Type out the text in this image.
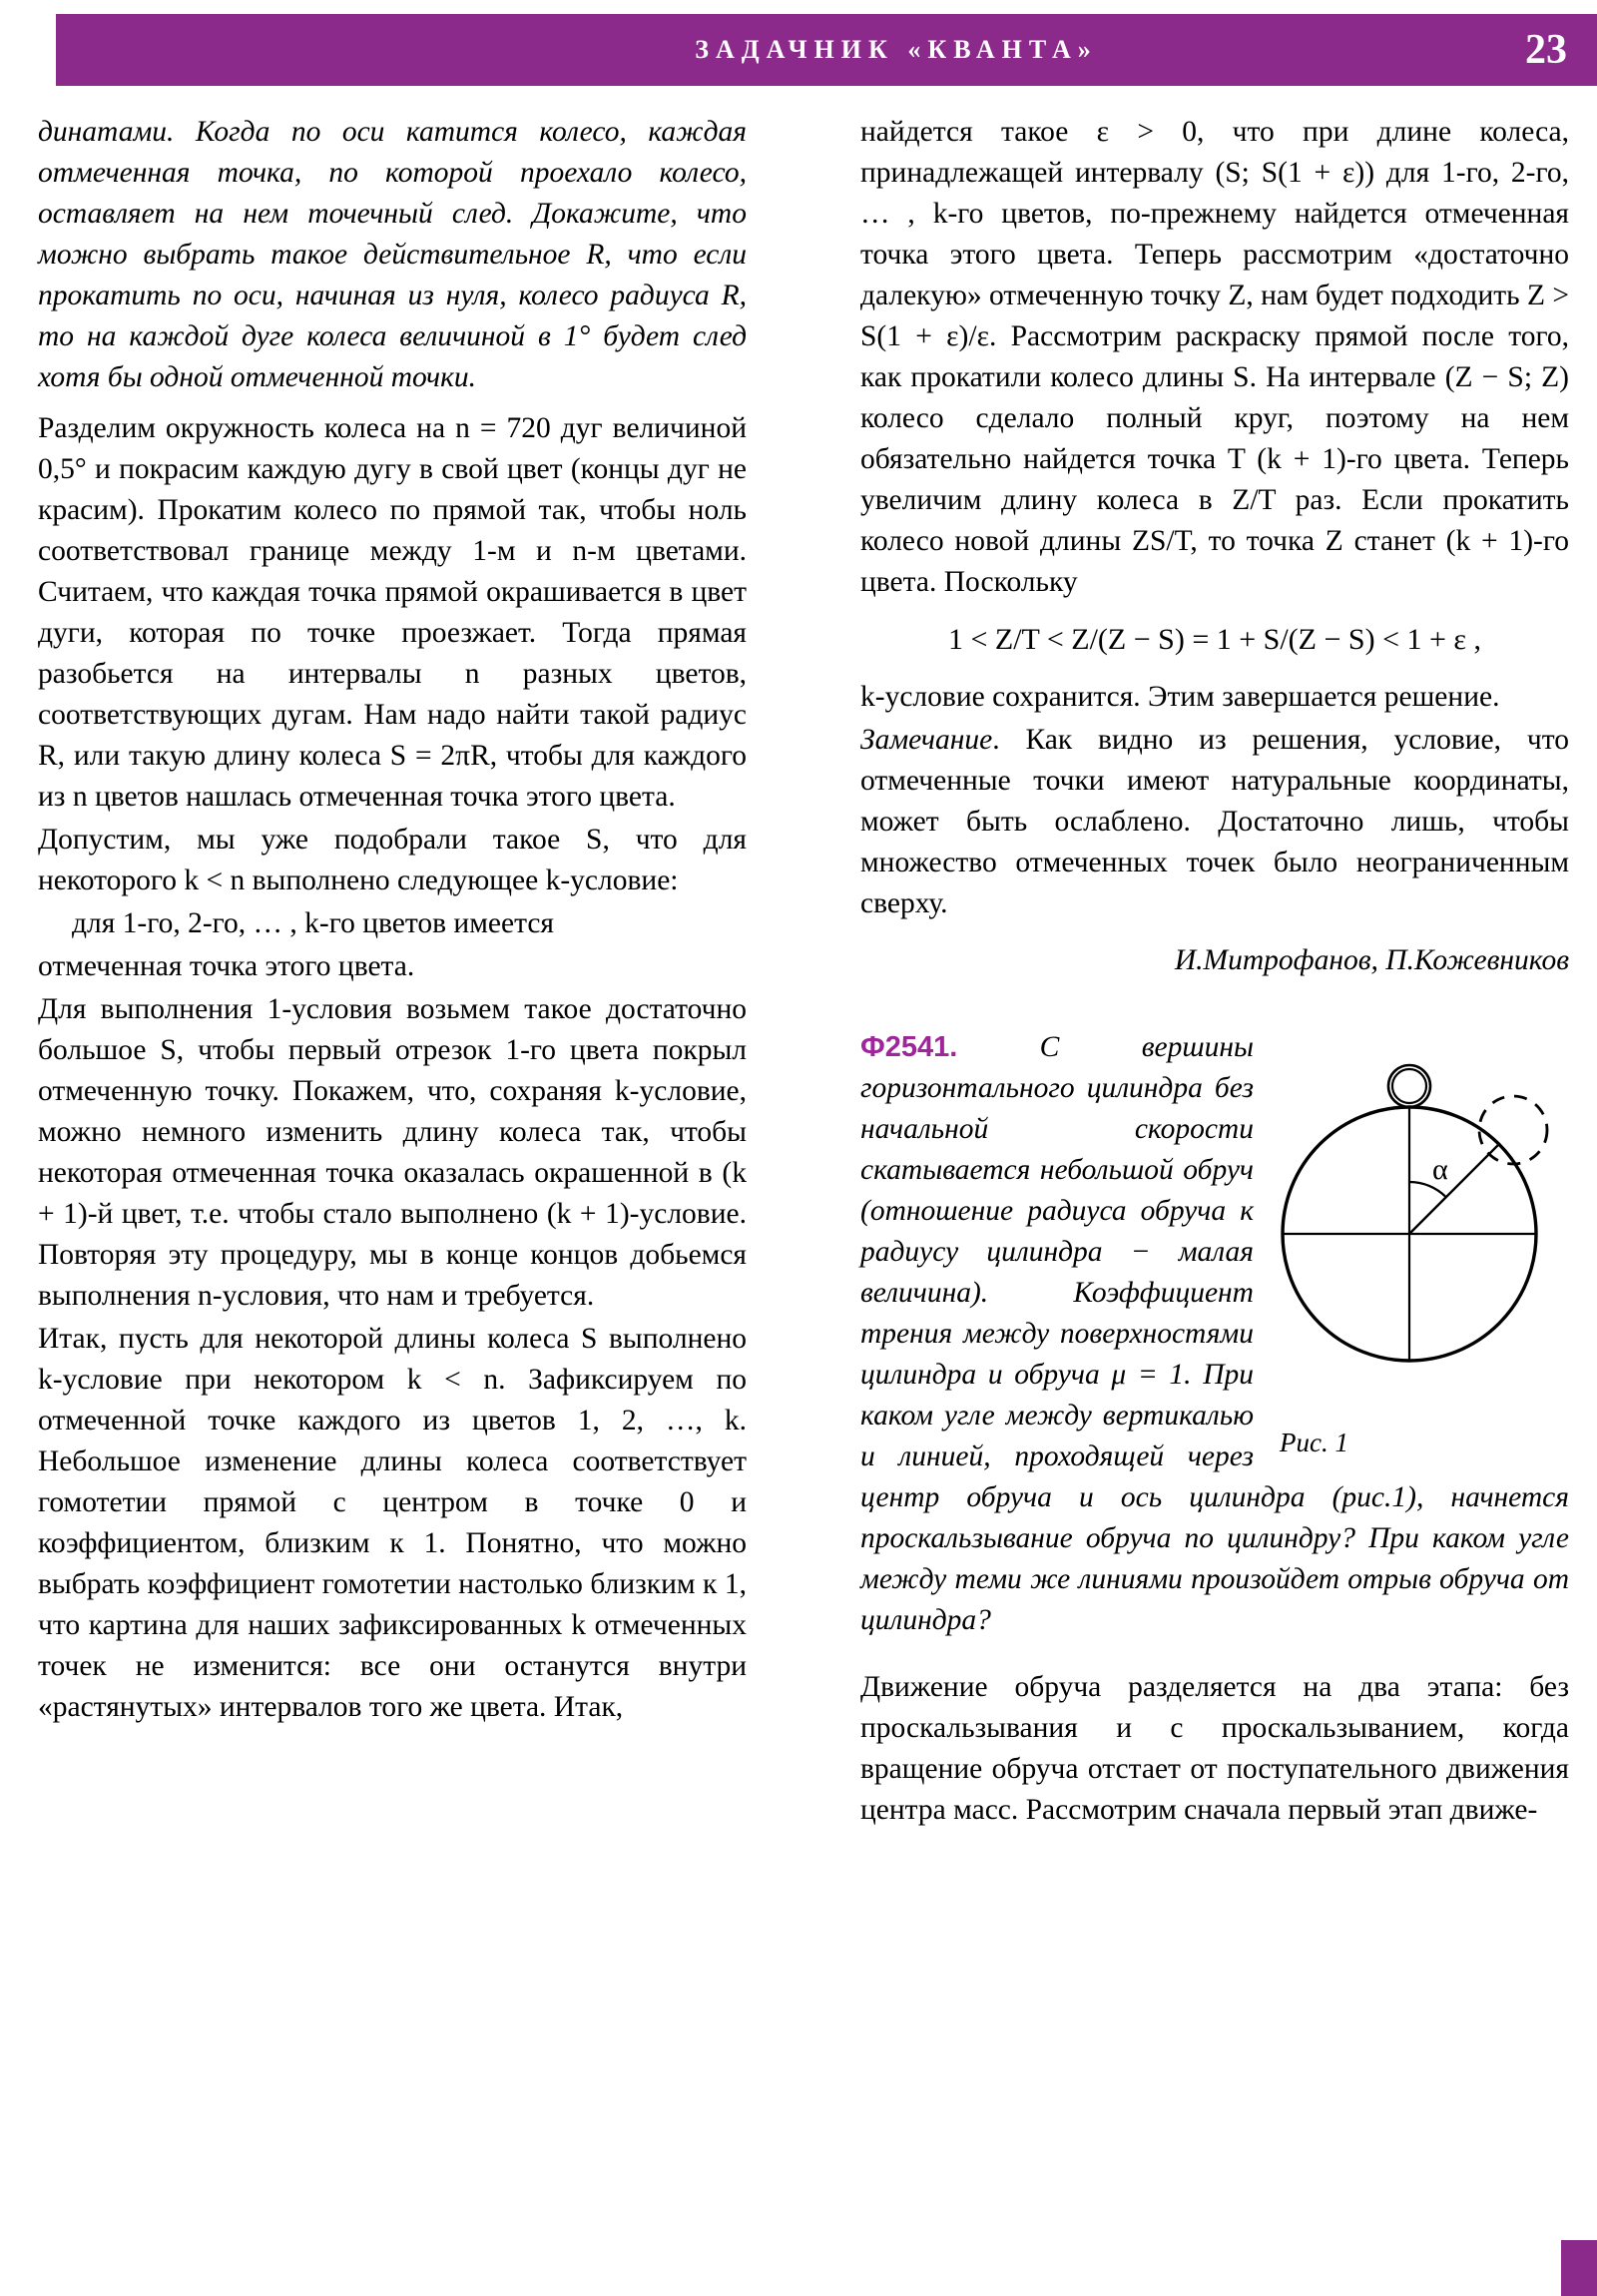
ЗАДАЧНИК «КВАНТА»	23

динатами. Когда по оси катится колесо, каждая отмеченная точка, по которой проехало колесо, оставляет на нем точечный след. Докажите, что можно выбрать такое действительное R, что если прокатить по оси, начиная из нуля, колесо радиуса R, то на каждой дуге колеса величиной в 1° будет след хотя бы одной отмеченной точки.

Разделим окружность колеса на n = 720 дуг величиной 0,5° и покрасим каждую дугу в свой цвет (концы дуг не красим). Прокатим колесо по прямой так, чтобы ноль соответствовал границе между 1-м и n-м цветами. Считаем, что каждая точка прямой окрашивается в цвет дуги, которая по точке проезжает. Тогда прямая разобьется на интервалы n разных цветов, соответствующих дугам. Нам надо найти такой радиус R, или такую длину колеса S = 2πR, чтобы для каждого из n цветов нашлась отмеченная точка этого цвета.

Допустим, мы уже подобрали такое S, что для некоторого k < n выполнено следующее k-условие:

для 1-го, 2-го, … , k-го цветов имеется

отмеченная точка этого цвета.

Для выполнения 1-условия возьмем такое достаточно большое S, чтобы первый отрезок 1-го цвета покрыл отмеченную точку. Покажем, что, сохраняя k-условие, можно немного изменить длину колеса так, чтобы некоторая отмеченная точка оказалась окрашенной в (k + 1)-й цвет, т.е. чтобы стало выполнено (k + 1)-условие. Повторяя эту процедуру, мы в конце концов добьемся выполнения n-условия, что нам и требуется.

Итак, пусть для некоторой длины колеса S выполнено k-условие при некотором k < n. Зафиксируем по отмеченной точке каждого из цветов 1, 2, …, k. Небольшое изменение длины колеса соответствует гомотетии прямой с центром в точке 0 и коэффициентом, близким к 1. Понятно, что можно выбрать коэффициент гомотетии настолько близким к 1, что картина для наших зафиксированных k отмеченных точек не изменится: все они останутся внутри «растянутых» интервалов того же цвета. Итак,

найдется такое ε > 0, что при длине колеса, принадлежащей интервалу (S; S(1 + ε)) для 1-го, 2-го, … , k-го цветов, по-прежнему найдется отмеченная точка этого цвета. Теперь рассмотрим «достаточно далекую» отмеченную точку Z, нам будет подходить Z > S(1 + ε)/ε. Рассмотрим раскраску прямой после того, как прокатили колесо длины S. На интервале (Z − S; Z) колесо сделало полный круг, поэтому на нем обязательно найдется точка T (k + 1)-го цвета. Теперь увеличим длину колеса в Z/T раз. Если прокатить колесо новой длины ZS/T, то точка Z станет (k + 1)-го цвета. Поскольку

1 < Z/T < Z/(Z − S) = 1 + S/(Z − S) < 1 + ε ,

k-условие сохранится. Этим завершается решение.

Замечание. Как видно из решения, условие, что отмеченные точки имеют натуральные координаты, может быть ослаблено. Достаточно лишь, чтобы множество отмеченных точек было неограниченным сверху.

И.Митрофанов, П.Кожевников
α
Рис. 1
Ф2541. С вершины горизонтального цилиндра без начальной скорости скатывается небольшой обруч (отношение радиуса обруча к радиусу цилиндра − малая величина). Коэффициент трения между поверхностями цилиндра и обруча μ = 1. При каком угле между вертикалью и линией, проходящей через центр обруча и ось цилиндра (рис.1), начнется проскальзывание обруча по цилиндру? При каком угле между теми же линиями произойдет отрыв обруча от цилиндра?

Движение обруча разделяется на два этапа: без проскальзывания и с проскальзыванием, когда вращение обруча отстает от поступательного движения центра масс. Рассмотрим сначала первый этап движе-
